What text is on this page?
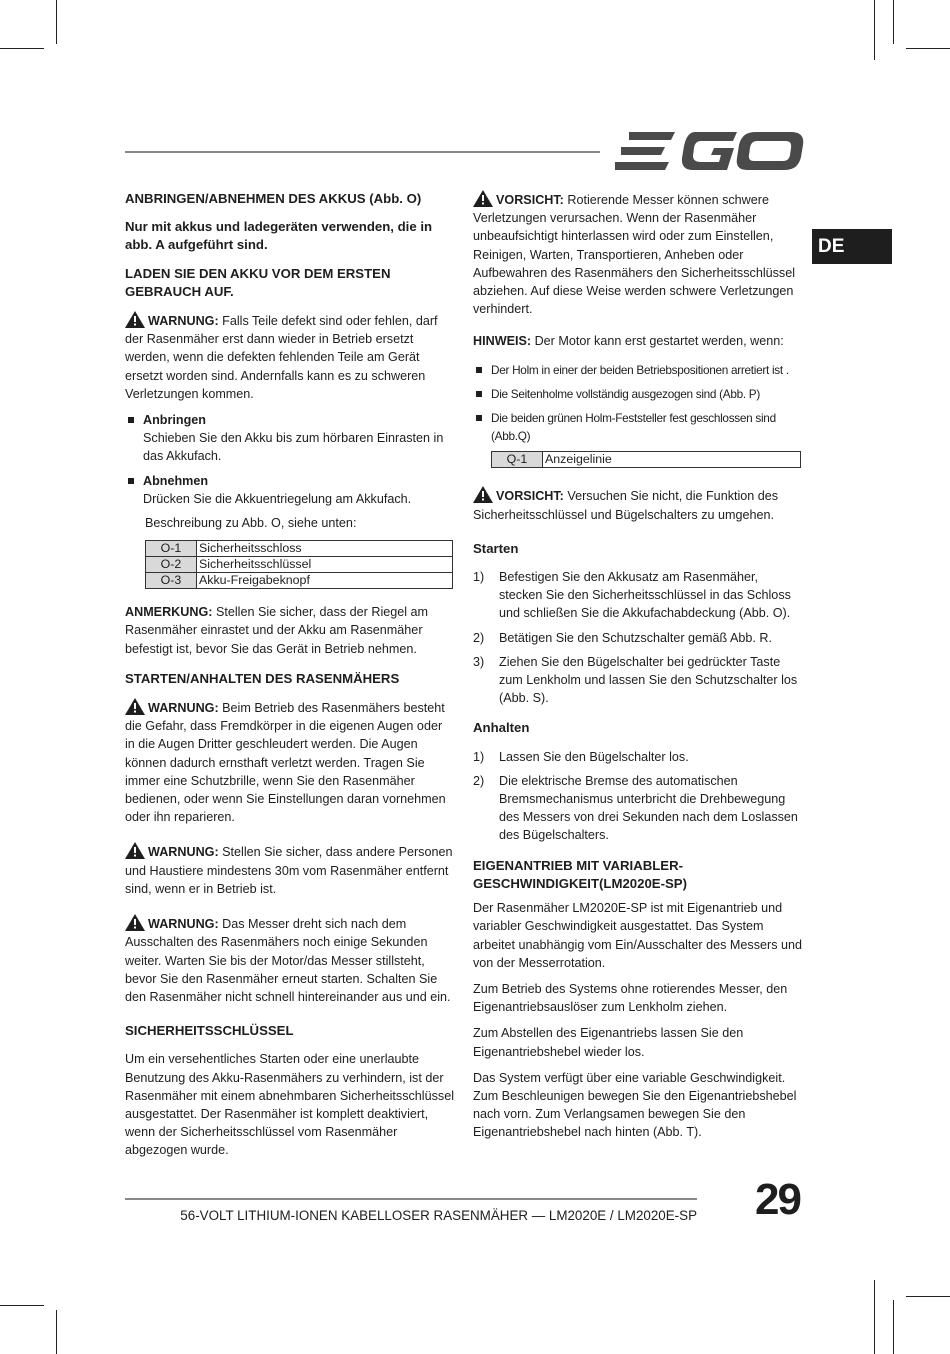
DE
ANBRINGEN/ABNEHMEN DES AKKUS (Abb. O)
Nur mit akkus und ladegeräten verwenden, die in abb. A aufgeführt sind.
LADEN SIE DEN AKKU VOR DEM ERSTEN GEBRAUCH AUF.
WARNUNG: Falls Teile defekt sind oder fehlen, darf der Rasenmäher erst dann wieder in Betrieb ersetzt werden, wenn die defekten fehlenden Teile am Gerät ersetzt worden sind. Andernfalls kann es zu schweren Verletzungen kommen.
Anbringen
Schieben Sie den Akku bis zum hörbaren Einrasten in das Akkufach.
Abnehmen
Drücken Sie die Akkuentriegelung am Akkufach.
Beschreibung zu Abb. O, siehe unten:
O-1	Sicherheitsschloss
O-2	Sicherheitsschlüssel
O-3	Akku-Freigabeknopf
ANMERKUNG: Stellen Sie sicher, dass der Riegel am Rasenmäher einrastet und der Akku am Rasenmäher befestigt ist, bevor Sie das Gerät in Betrieb nehmen.
STARTEN/ANHALTEN DES RASENMÄHERS
WARNUNG: Beim Betrieb des Rasenmähers besteht die Gefahr, dass Fremdkörper in die eigenen Augen oder in die Augen Dritter geschleudert werden. Die Augen können dadurch ernsthaft verletzt werden. Tragen Sie immer eine Schutzbrille, wenn Sie den Rasenmäher bedienen, oder wenn Sie Einstellungen daran vornehmen oder ihn reparieren.
WARNUNG: Stellen Sie sicher, dass andere Personen und Haustiere mindestens 30m vom Rasenmäher entfernt sind, wenn er in Betrieb ist.
WARNUNG: Das Messer dreht sich nach dem Ausschalten des Rasenmähers noch einige Sekunden weiter. Warten Sie bis der Motor/das Messer stillsteht, bevor Sie den Rasenmäher erneut starten. Schalten Sie den Rasenmäher nicht schnell hintereinander aus und ein.
SICHERHEITSSCHLÜSSEL
Um ein versehentliches Starten oder eine unerlaubte Benutzung des Akku-Rasenmähers zu verhindern, ist der Rasenmäher mit einem abnehmbaren Sicherheitsschlüssel ausgestattet. Der Rasenmäher ist komplett deaktiviert, wenn der Sicherheitsschlüssel vom Rasenmäher abgezogen wurde.
VORSICHT: Rotierende Messer können schwere Verletzungen verursachen. Wenn der Rasenmäher unbeaufsichtigt hinterlassen wird oder zum Einstellen, Reinigen, Warten, Transportieren, Anheben oder Aufbewahren des Rasenmähers den Sicherheitsschlüssel abziehen. Auf diese Weise werden schwere Verletzungen verhindert.
HINWEIS: Der Motor kann erst gestartet werden, wenn:
Der Holm in einer der beiden Betriebspositionen arretiert ist .
Die Seitenholme vollständig ausgezogen sind (Abb. P)
Die beiden grünen Holm-Feststeller fest geschlossen sind (Abb.Q)
Q-1	Anzeigelinie
VORSICHT: Versuchen Sie nicht, die Funktion des Sicherheitsschlüssel und Bügelschalters zu umgehen.
Starten
1) Befestigen Sie den Akkusatz am Rasenmäher, stecken Sie den Sicherheitsschlüssel in das Schloss und schließen Sie die Akkufachabdeckung (Abb. O).
2) Betätigen Sie den Schutzschalter gemäß Abb. R.
3) Ziehen Sie den Bügelschalter bei gedrückter Taste zum Lenkholm und lassen Sie den Schutzschalter los (Abb. S).
Anhalten
1) Lassen Sie den Bügelschalter los.
2) Die elektrische Bremse des automatischen Bremsmechanismus unterbricht die Drehbewegung des Messers von drei Sekunden nach dem Loslassen des Bügelschalters.
EIGENANTRIEB MIT VARIABLER-GESCHWINDIGKEIT(LM2020E-SP)
Der Rasenmäher LM2020E-SP ist mit Eigenantrieb und variabler Geschwindigkeit ausgestattet. Das System arbeitet unabhängig vom Ein/Ausschalter des Messers und von der Messerrotation.
Zum Betrieb des Systems ohne rotierendes Messer, den Eigenantriebsauslöser zum Lenkholm ziehen.
Zum Abstellen des Eigenantriebs lassen Sie den Eigenantriebshebel wieder los.
Das System verfügt über eine variable Geschwindigkeit. Zum Beschleunigen bewegen Sie den Eigenantriebshebel nach vorn. Zum Verlangsamen bewegen Sie den Eigenantriebshebel nach hinten (Abb. T).
56-VOLT LITHIUM-IONEN KABELLOSER RASENMÄHER — LM2020E / LM2020E-SP 29
